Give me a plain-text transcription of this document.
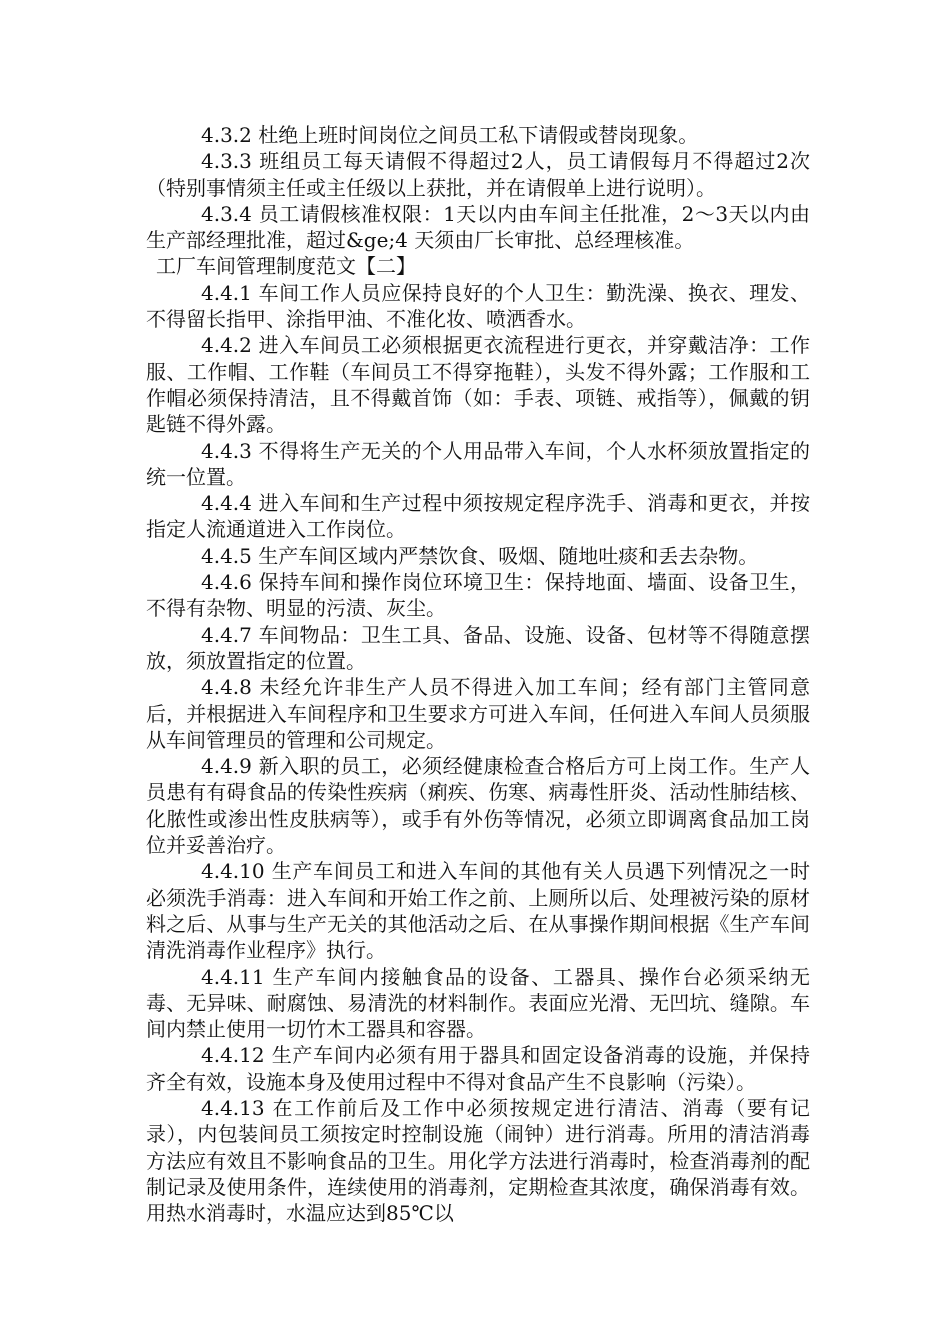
4.3.2 杜绝上班时间岗位之间员工私下请假或替岗现象。

4.3.3 班组员工每天请假不得超过2人，员工请假每月不得超过2次（特别事情须主任或主任级以上获批，并在请假单上进行说明）。

4.3.4 员工请假核准权限：1天以内由车间主任批准，2～3天以内由生产部经理批准，超过&ge;4 天须由厂长审批、总经理核准。

工厂车间管理制度范文【二】

4.4.1 车间工作人员应保持良好的个人卫生：勤洗澡、换衣、理发、不得留长指甲、涂指甲油、不准化妆、喷洒香水。

4.4.2 进入车间员工必须根据更衣流程进行更衣，并穿戴洁净：工作服、工作帽、工作鞋（车间员工不得穿拖鞋），头发不得外露；工作服和工作帽必须保持清洁，且不得戴首饰（如：手表、项链、戒指等），佩戴的钥匙链不得外露。

4.4.3 不得将生产无关的个人用品带入车间，个人水杯须放置指定的统一位置。

4.4.4 进入车间和生产过程中须按规定程序洗手、消毒和更衣，并按指定人流通道进入工作岗位。

4.4.5 生产车间区域内严禁饮食、吸烟、随地吐痰和丢去杂物。

4.4.6 保持车间和操作岗位环境卫生：保持地面、墙面、设备卫生，不得有杂物、明显的污渍、灰尘。

4.4.7 车间物品：卫生工具、备品、设施、设备、包材等不得随意摆放，须放置指定的位置。

4.4.8 未经允许非生产人员不得进入加工车间；经有部门主管同意后，并根据进入车间程序和卫生要求方可进入车间，任何进入车间人员须服从车间管理员的管理和公司规定。

4.4.9 新入职的员工，必须经健康检查合格后方可上岗工作。生产人员患有有碍食品的传染性疾病（痢疾、伤寒、病毒性肝炎、活动性肺结核、化脓性或渗出性皮肤病等），或手有外伤等情况，必须立即调离食品加工岗位并妥善治疗。

4.4.10 生产车间员工和进入车间的其他有关人员遇下列情况之一时必须洗手消毒：进入车间和开始工作之前、上厕所以后、处理被污染的原材料之后、从事与生产无关的其他活动之后、在从事操作期间根据《生产车间清洗消毒作业程序》执行。

4.4.11 生产车间内接触食品的设备、工器具、操作台必须采纳无毒、无异味、耐腐蚀、易清洗的材料制作。表面应光滑、无凹坑、缝隙。车间内禁止使用一切竹木工器具和容器。

4.4.12 生产车间内必须有用于器具和固定设备消毒的设施，并保持齐全有效，设施本身及使用过程中不得对食品产生不良影响（污染）。

4.4.13 在工作前后及工作中必须按规定进行清洁、消毒（要有记录），内包装间员工须按定时控制设施（闹钟）进行消毒。所用的清洁消毒方法应有效且不影响食品的卫生。用化学方法进行消毒时，检查消毒剂的配制记录及使用条件，连续使用的消毒剂，定期检查其浓度，确保消毒有效。用热水消毒时，水温应达到85℃以
